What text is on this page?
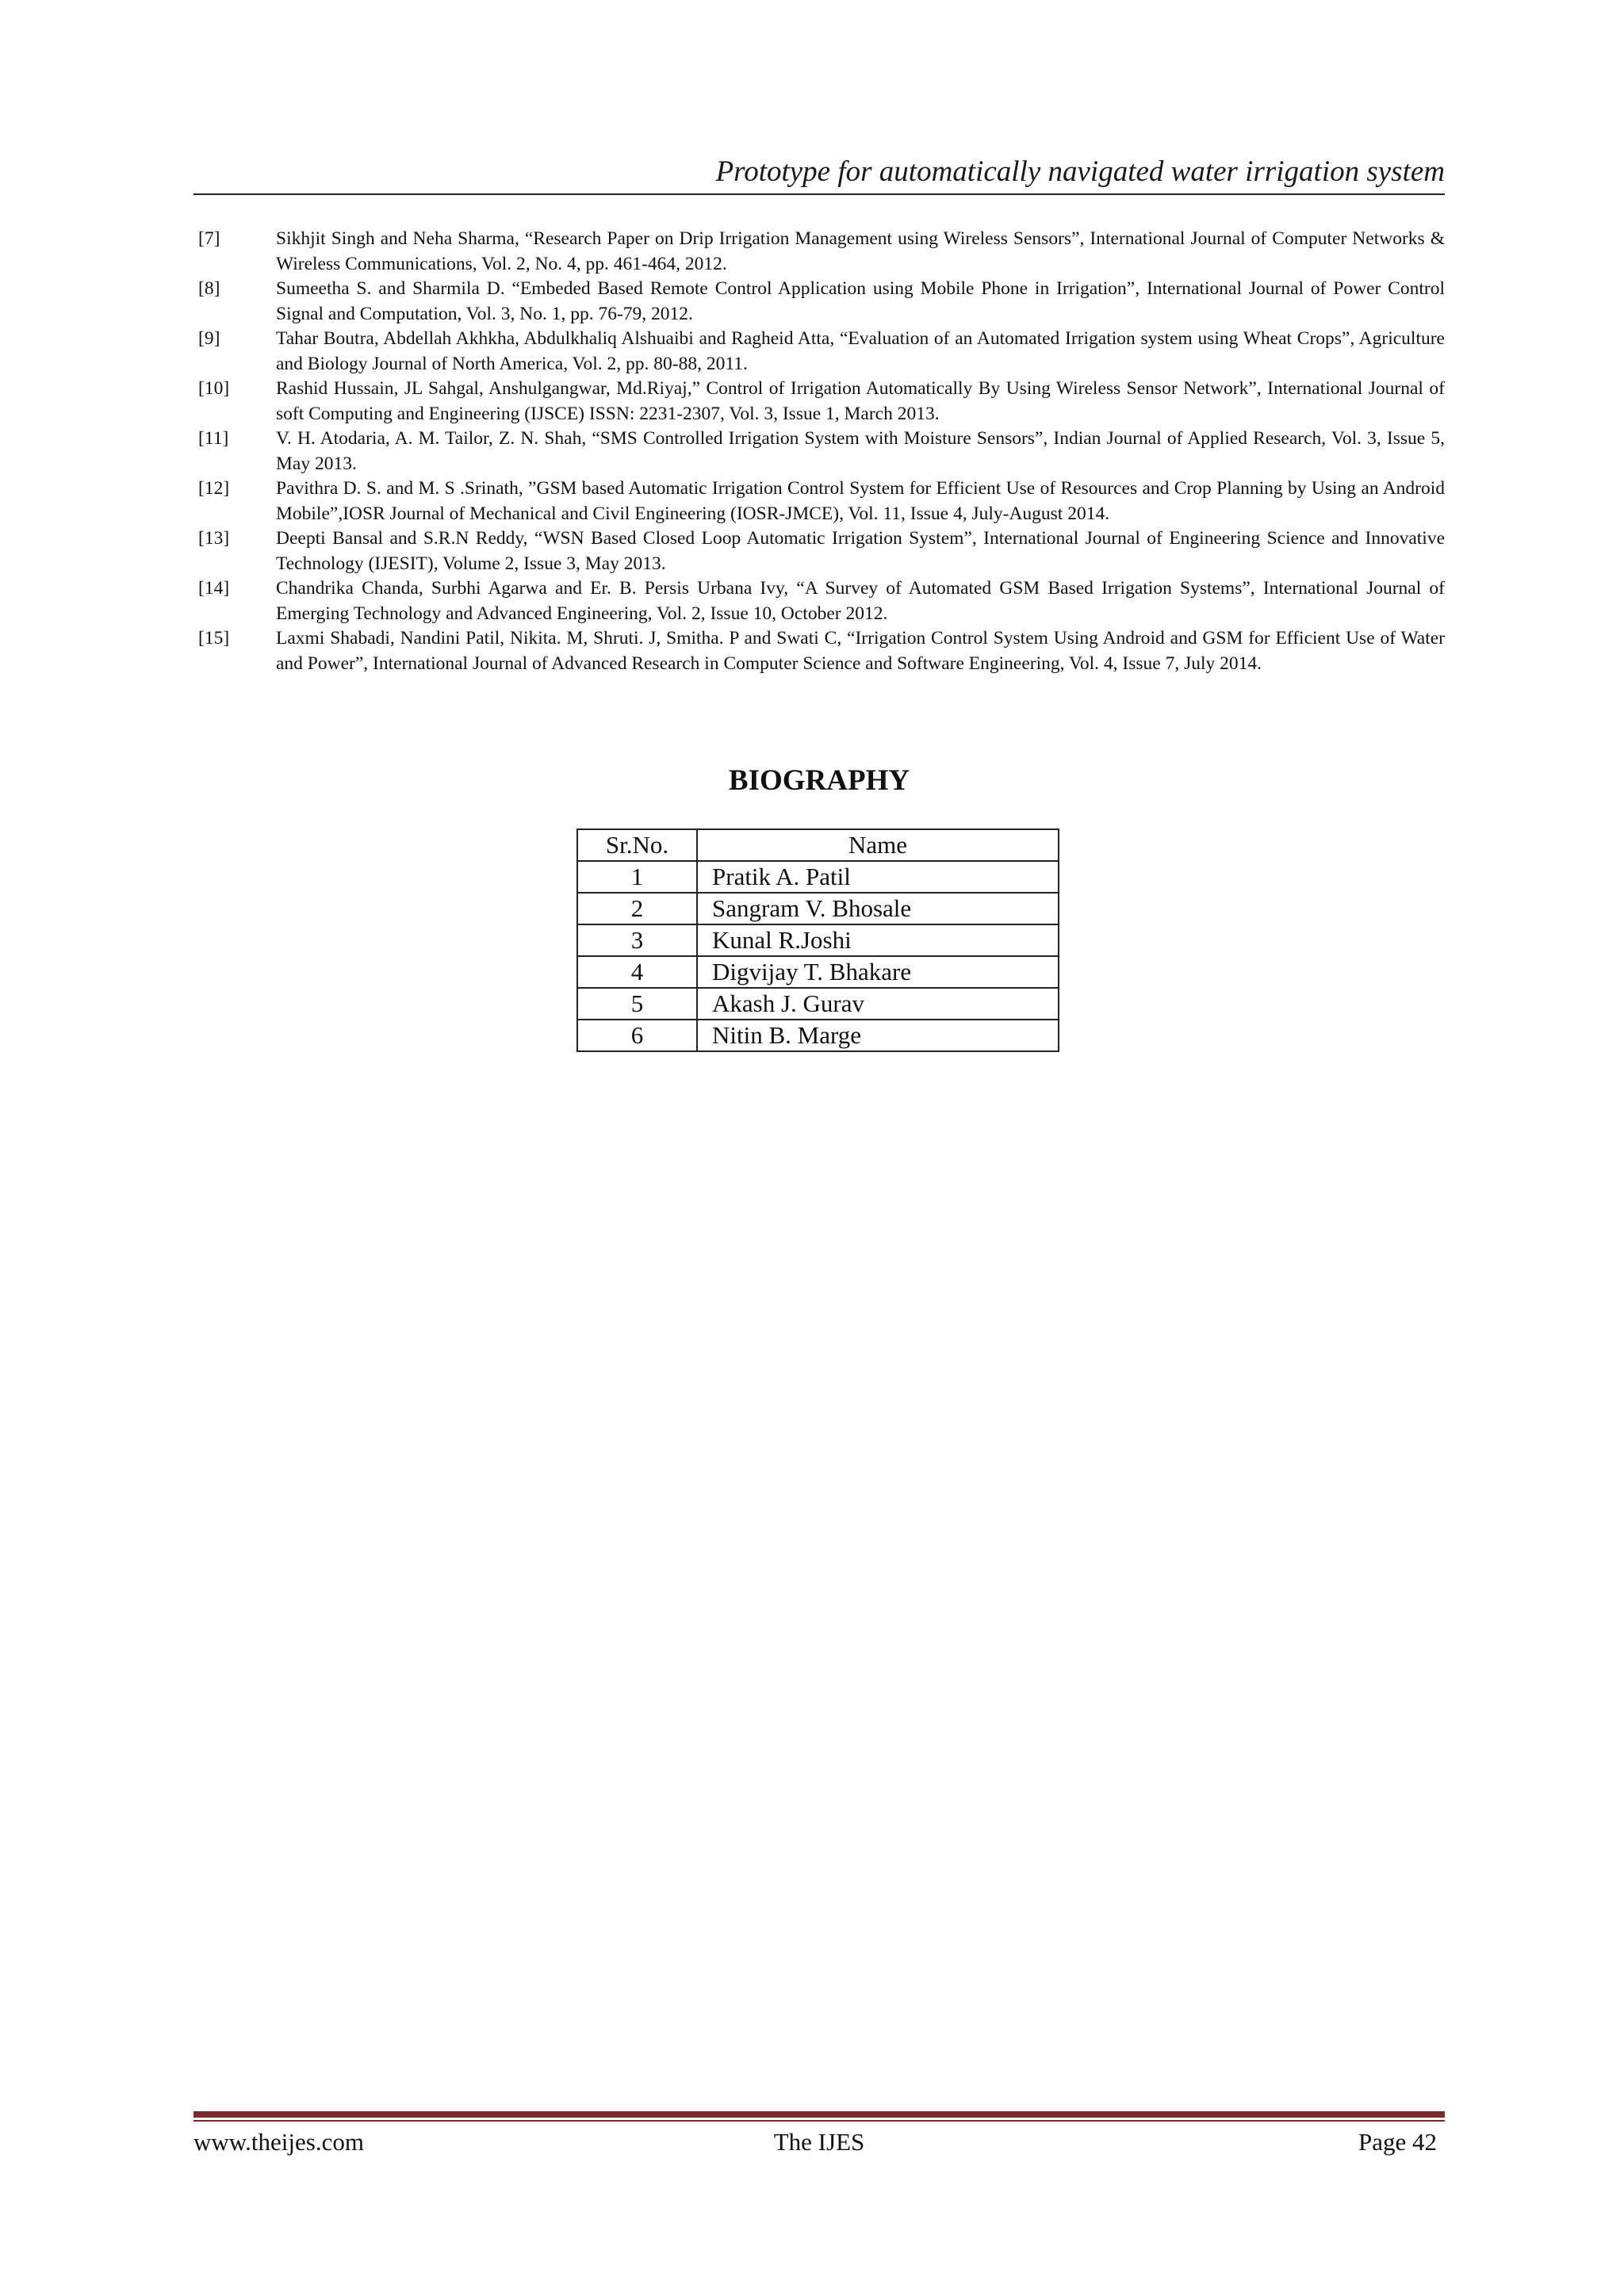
Prototype for automatically navigated water irrigation system
[7]	Sikhjit Singh and Neha Sharma, “Research Paper on Drip Irrigation Management using Wireless Sensors”, International Journal of Computer Networks & Wireless Communications, Vol. 2, No. 4, pp. 461-464, 2012.
[8]	Sumeetha S. and Sharmila D. “Embeded Based Remote Control Application using Mobile Phone in Irrigation”, International Journal of Power Control Signal and Computation, Vol. 3, No. 1, pp. 76-79, 2012.
[9]	Tahar Boutra, Abdellah Akhkha, Abdulkhaliq Alshuaibi and Ragheid Atta, “Evaluation of an Automated Irrigation system using Wheat Crops”, Agriculture and Biology Journal of North America, Vol. 2, pp. 80-88, 2011.
[10]	Rashid Hussain, JL Sahgal, Anshulgangwar, Md.Riyaj,” Control of Irrigation Automatically By Using Wireless Sensor Network”, International Journal of soft Computing and Engineering (IJSCE) ISSN: 2231-2307, Vol. 3, Issue 1, March 2013.
[11]	V. H. Atodaria, A. M. Tailor, Z. N. Shah, “SMS Controlled Irrigation System with Moisture Sensors”, Indian Journal of Applied Research, Vol. 3, Issue 5, May 2013.
[12]	Pavithra D. S. and M. S .Srinath, ”GSM based Automatic Irrigation Control System for Efficient Use of Resources and Crop Planning by Using an Android Mobile”,IOSR Journal of Mechanical and Civil Engineering (IOSR-JMCE), Vol. 11, Issue 4, July-August 2014.
[13]	Deepti Bansal and S.R.N Reddy, “WSN Based Closed Loop Automatic Irrigation System”, International Journal of Engineering Science and Innovative Technology (IJESIT), Volume 2, Issue 3, May 2013.
[14]	Chandrika Chanda, Surbhi Agarwa and Er. B. Persis Urbana Ivy, “A Survey of Automated GSM Based Irrigation Systems”, International Journal of Emerging Technology and Advanced Engineering, Vol. 2, Issue 10, October 2012.
[15]	Laxmi Shabadi, Nandini Patil, Nikita. M, Shruti. J, Smitha. P and Swati C, “Irrigation Control System Using Android and GSM for Efficient Use of Water and Power”, International Journal of Advanced Research in Computer Science and Software Engineering, Vol. 4, Issue 7, July 2014.
BIOGRAPHY
Sr.No.	Name
1	Pratik A. Patil
2	Sangram V. Bhosale
3	Kunal R.Joshi
4	Digvijay T. Bhakare
5	Akash J. Gurav
6	Nitin B. Marge
www.theijes.com	The IJES	Page 42
